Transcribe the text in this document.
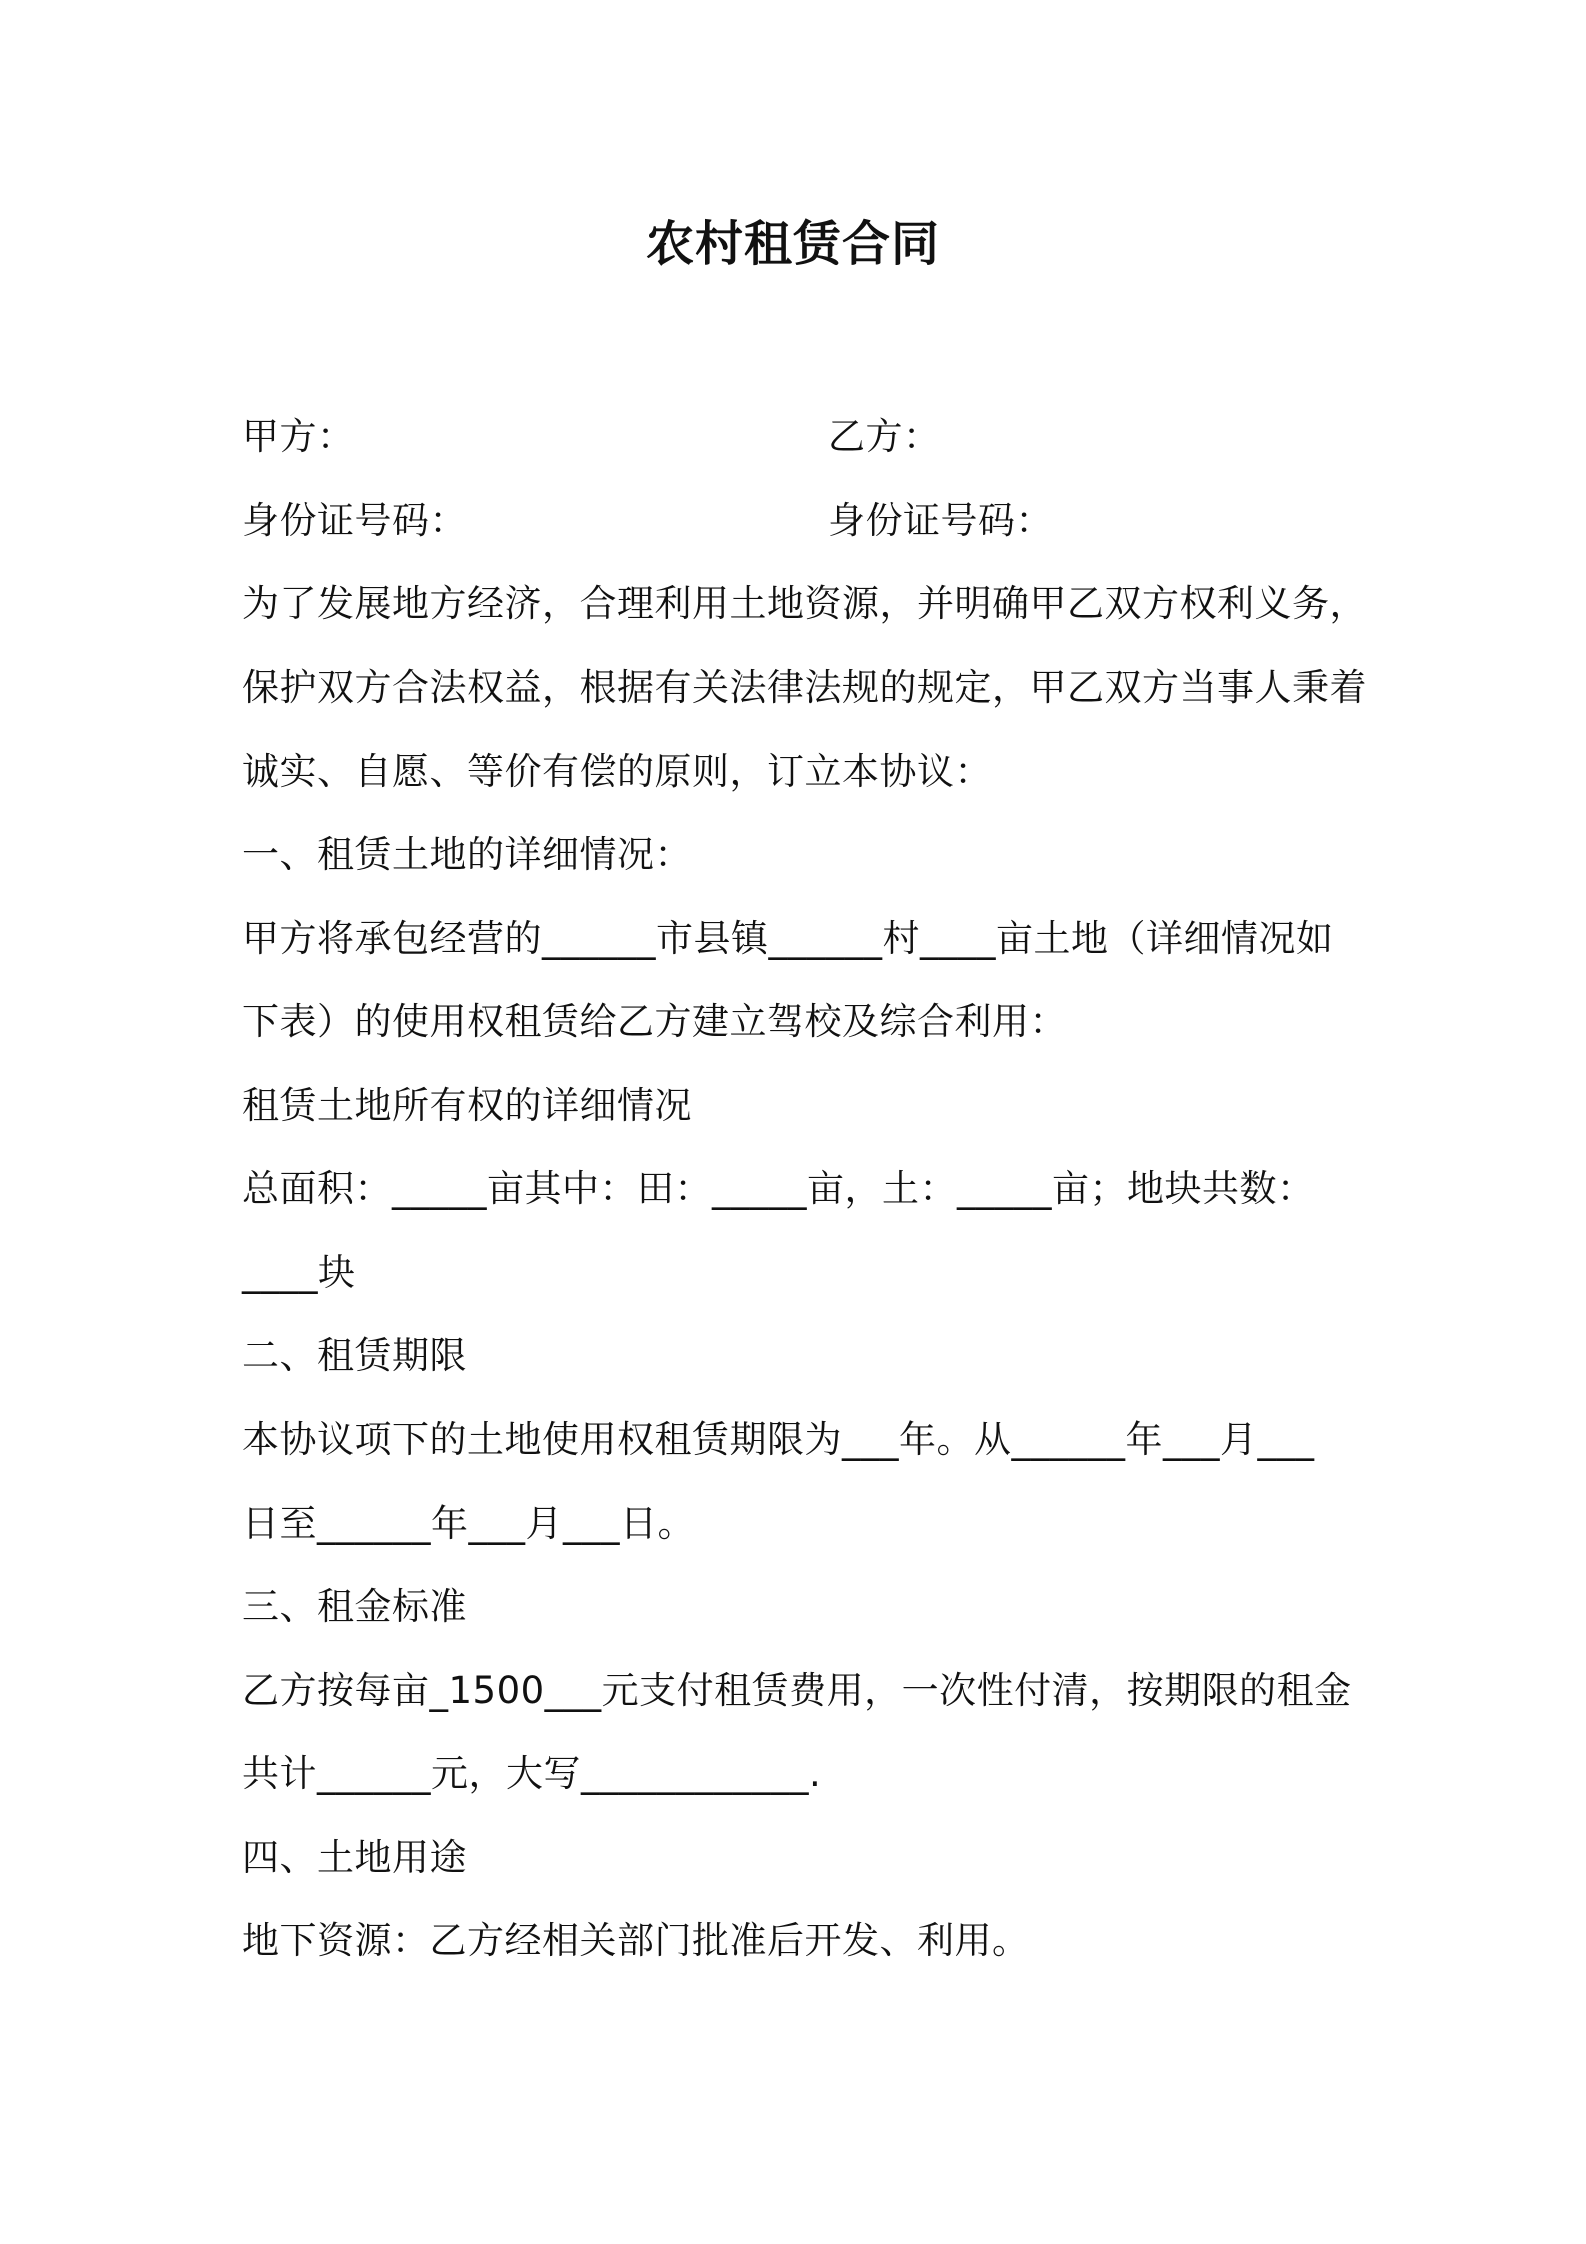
农村租赁合同
甲方：	乙方：
身份证号码：	身份证号码：
为了发展地方经济，合理利用土地资源，并明确甲乙双方权利义务，
保护双方合法权益，根据有关法律法规的规定，甲乙双方当事人秉着
诚实、自愿、等价有偿的原则，订立本协议：
一、租赁土地的详细情况：
甲方将承包经营的______市县镇______村____亩土地（详细情况如
下表）的使用权租赁给乙方建立驾校及综合利用：
租赁土地所有权的详细情况
总面积：_____亩其中：田：_____亩，土：_____亩；地块共数：
____块
二、租赁期限
本协议项下的土地使用权租赁期限为___年。从______年___月___
日至______年___月___日。
三、租金标准
乙方按每亩_1500___元支付租赁费用，一次性付清，按期限的租金
共计______元，大写____________.
四、土地用途
地下资源：乙方经相关部门批准后开发、利用。
